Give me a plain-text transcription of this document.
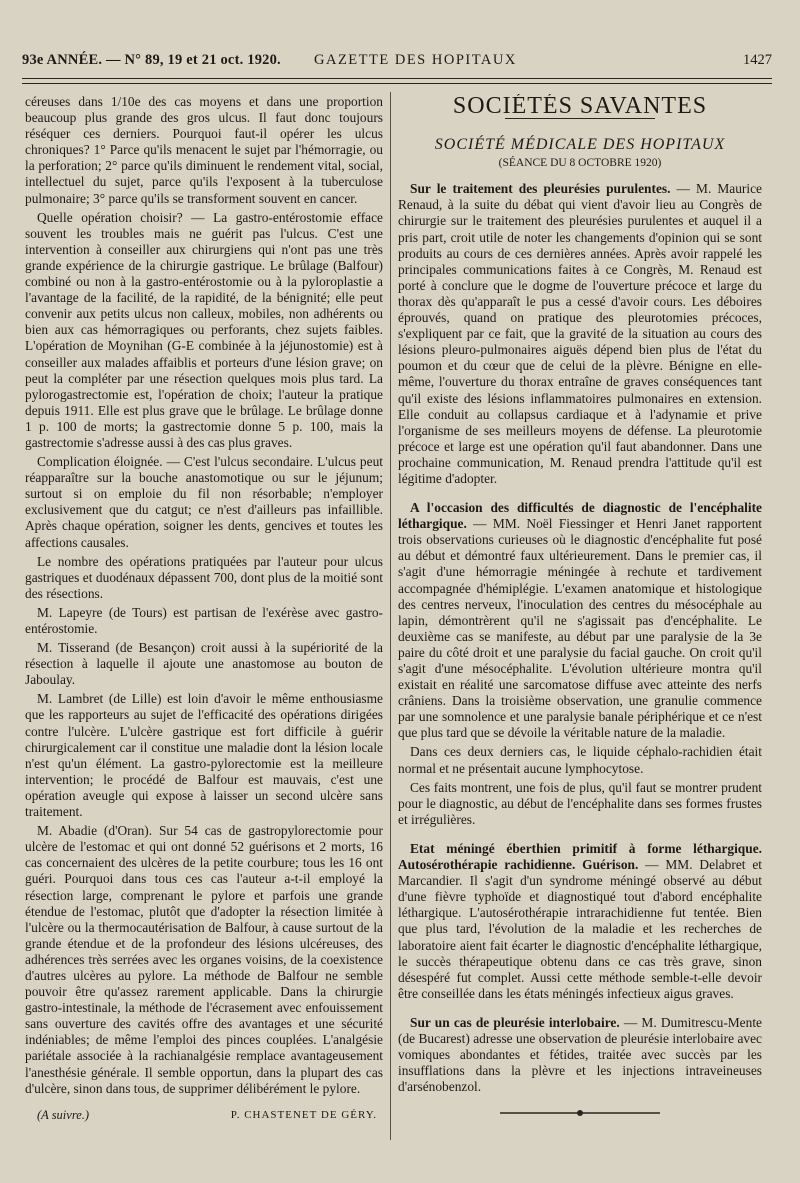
93e ANNÉE. — N° 89, 19 et 21 oct. 1920. GAZETTE DES HOPITAUX	1427

céreuses dans 1/10e des cas moyens et dans une proportion beaucoup plus grande des gros ulcus. Il faut donc toujours réséquer ces derniers. Pourquoi faut-il opérer les ulcus chroniques? 1° Parce qu'ils menacent le sujet par l'hémorragie, ou la perforation; 2° parce qu'ils diminuent le rendement vital, social, intellectuel du sujet, parce qu'ils l'exposent à la tuberculose pulmonaire; 3° parce qu'ils se transforment souvent en cancer.

Quelle opération choisir? — La gastro-entérostomie efface souvent les troubles mais ne guérit pas l'ulcus. C'est une intervention à conseiller aux chirurgiens qui n'ont pas une très grande expérience de la chirurgie gastrique. Le brûlage (Balfour) combiné ou non à la gastro-entérostomie ou à la pyloroplastie a l'avantage de la facilité, de la rapidité, de la bénignité; elle peut convenir aux petits ulcus non calleux, mobiles, non adhérents ou bien aux cas hémorragiques ou perforants, chez sujets faibles. L'opération de Moynihan (G-E combinée à la jéjunostomie) est à conseiller aux malades affaiblis et porteurs d'une lésion grave; on peut la compléter par une résection quelques mois plus tard. La pylorogastrectomie est, l'opération de choix; l'auteur la pratique depuis 1911. Elle est plus grave que le brûlage. Le brûlage donne 1 p. 100 de morts; la gastrectomie donne 5 p. 100, mais la gastrectomie s'adresse aussi à des cas plus graves.

Complication éloignée. — C'est l'ulcus secondaire. L'ulcus peut réapparaître sur la bouche anastomotique ou sur le jéjunum; surtout si on emploie du fil non résorbable; n'employer exclusivement que du catgut; ce n'est d'ailleurs pas infaillible. Après chaque opération, soigner les dents, gencives et toutes les affections causales.

Le nombre des opérations pratiquées par l'auteur pour ulcus gastriques et duodénaux dépassent 700, dont plus de la moitié sont des résections.

M. Lapeyre (de Tours) est partisan de l'exérèse avec gastro-entérostomie.

M. Tisserand (de Besançon) croit aussi à la supériorité de la résection à laquelle il ajoute une anastomose au bouton de Jaboulay.

M. Lambret (de Lille) est loin d'avoir le même enthousiasme que les rapporteurs au sujet de l'efficacité des opérations dirigées contre l'ulcère. L'ulcère gastrique est fort difficile à guérir chirurgicalement car il constitue une maladie dont la lésion locale n'est qu'un élément. La gastro-pylorectomie est la meilleure intervention; le procédé de Balfour est mauvais, c'est une opération aveugle qui expose à laisser un second ulcère sans traitement.

M. Abadie (d'Oran). Sur 54 cas de gastropylorectomie pour ulcère de l'estomac et qui ont donné 52 guérisons et 2 morts, 16 cas concernaient des ulcères de la petite courbure; tous les 16 ont guéri. Pourquoi dans tous ces cas l'auteur a-t-il employé la résection large, comprenant le pylore et parfois une grande étendue de l'estomac, plutôt que d'adopter la résection limitée à l'ulcère ou la thermocautérisation de Balfour, à cause surtout de la grande étendue et de la profondeur des lésions ulcéreuses, des adhérences très serrées avec les organes voisins, de la coexistence d'autres ulcères au pylore. La méthode de Balfour ne semble pouvoir être qu'assez rarement applicable. Dans la chirurgie gastro-intestinale, la méthode de l'écrasement avec enfouissement sans ouverture des cavités offre des avantages et une sécurité indéniables; de même l'emploi des pinces couplées. L'analgésie pariétale associée à la rachianalgésie remplace avantageusement l'anesthésie générale. Il semble opportun, dans la plupart des cas d'ulcère, sinon dans tous, de supprimer délibérément le pylore.

(A suivre.)	P. CHASTENET DE GÉRY.
SOCIÉTÉS SAVANTES
SOCIÉTÉ MÉDICALE DES HOPITAUX
(SÉANCE DU 8 OCTOBRE 1920)

Sur le traitement des pleurésies purulentes. — M. Maurice Renaud, à la suite du débat qui vient d'avoir lieu au Congrès de chirurgie sur le traitement des pleurésies purulentes et auquel il a pris part, croit utile de noter les changements d'opinion qui se sont produits au cours de ces dernières années. Après avoir rappelé les principales communications faites à ce Congrès, M. Renaud est porté à conclure que le dogme de l'ouverture précoce et large du thorax dès qu'apparaît le pus a cessé d'avoir cours. Les déboires éprouvés, quand on pratique des pleurotomies précoces, s'expliquent par ce fait, que la gravité de la situation au cours des lésions pleuro-pulmonaires aiguës dépend bien plus de l'état du poumon et du cœur que de celui de la plèvre. Bénigne en elle-même, l'ouverture du thorax entraîne de graves conséquences tant qu'il existe des lésions inflammatoires pulmonaires en extension. Elle conduit au collapsus cardiaque et à l'adynamie et prive l'organisme de ses meilleurs moyens de défense. La pleurotomie précoce et large est une opération qu'il faut abandonner. Dans une prochaine communication, M. Renaud prendra l'attitude qu'il est légitime d'adopter.

A l'occasion des difficultés de diagnostic de l'encéphalite léthargique. — MM. Noël Fiessinger et Henri Janet rapportent trois observations curieuses où le diagnostic d'encéphalite fut posé au début et démontré faux ultérieurement. Dans le premier cas, il s'agit d'une hémorragie méningée à rechute et tardivement accompagnée d'hémiplégie. L'examen anatomique et histologique des centres nerveux, l'inoculation des centres du mésocéphale au lapin, démontrèrent qu'il ne s'agissait pas d'encéphalite. Le deuxième cas se manifeste, au début par une paralysie de la 3e paire du côté droit et une paralysie du facial gauche. On croit qu'il s'agit d'une mésocéphalite. L'évolution ultérieure montra qu'il existait en réalité une sarcomatose diffuse avec atteinte des nerfs crâniens. Dans la troisième observation, une granulie commence par une somnolence et une paralysie banale périphérique et ce n'est que plus tard que se dévoile la véritable nature de la maladie.

Dans ces deux derniers cas, le liquide céphalo-rachidien était normal et ne présentait aucune lymphocytose.

Ces faits montrent, une fois de plus, qu'il faut se montrer prudent pour le diagnostic, au début de l'encéphalite dans ses formes frustes et irrégulières.

Etat méningé éberthien primitif à forme léthargique. Autosérothérapie rachidienne. Guérison. — MM. Delabret et Marcandier. Il s'agit d'un syndrome méningé observé au début d'une fièvre typhoïde et diagnostiqué tout d'abord encéphalite léthargique. L'autosérothérapie intrarachidienne fut tentée. Bien que plus tard, l'évolution de la maladie et les recherches de laboratoire aient fait écarter le diagnostic d'encéphalite léthargique, le succès thérapeutique obtenu dans ce cas très grave, sinon désespéré fut complet. Aussi cette méthode semble-t-elle devoir être conseillée dans les états méningés infectieux aigus graves.

Sur un cas de pleurésie interlobaire. — M. Dumitrescu-Mente (de Bucarest) adresse une observation de pleurésie interlobaire avec vomiques abondantes et fétides, traitée avec succès par les insufflations dans la plèvre et les injections intraveineuses d'arsénobenzol.
